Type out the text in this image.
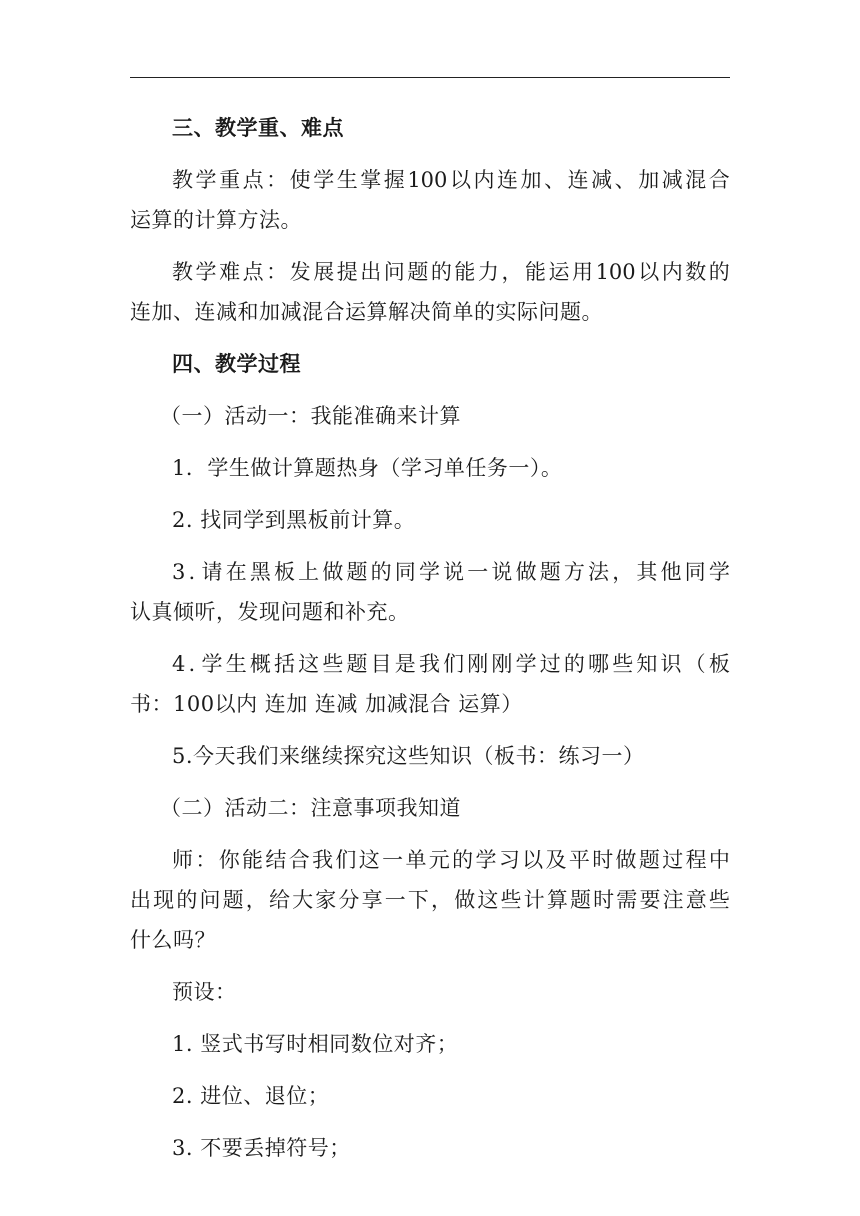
三、教学重、难点
教 学 重 点 ： 使 学 生 掌 握 100 以 内 连 加 、 连 减 、 加 减 混 合
运算的计算方法。
教 学 难 点 ： 发 展 提 出 问 题 的 能 力 ， 能 运 用 100 以 内 数 的
连加、连减和加减混合运算解决简单的实际问题。
四、教学过程
（一）活动一：我能准确来计算
1．学生做计算题热身（学习单任务一）。
2. 找同学到黑板前计算。
3 . 请 在 黑 板 上 做 题 的 同 学 说 一 说 做 题 方 法 ， 其 他 同 学
认真倾听，发现问题和补充。
4 . 学 生 概 括 这 些 题 目 是 我 们 刚 刚 学 过 的 哪 些 知 识 （ 板
书：100以内 连加 连减 加减混合 运算）
5.今天我们来继续探究这些知识（板书：练习一）
（二）活动二：注意事项我知道
师 ： 你 能 结 合 我 们 这 一 单 元 的 学 习 以 及 平 时 做 题 过 程 中
出 现 的 问 题 ， 给 大 家 分 享 一 下 ， 做 这 些 计 算 题 时 需 要 注 意 些
什么吗？
预设：
1. 竖式书写时相同数位对齐；
2. 进位、退位；
3. 不要丢掉符号；
